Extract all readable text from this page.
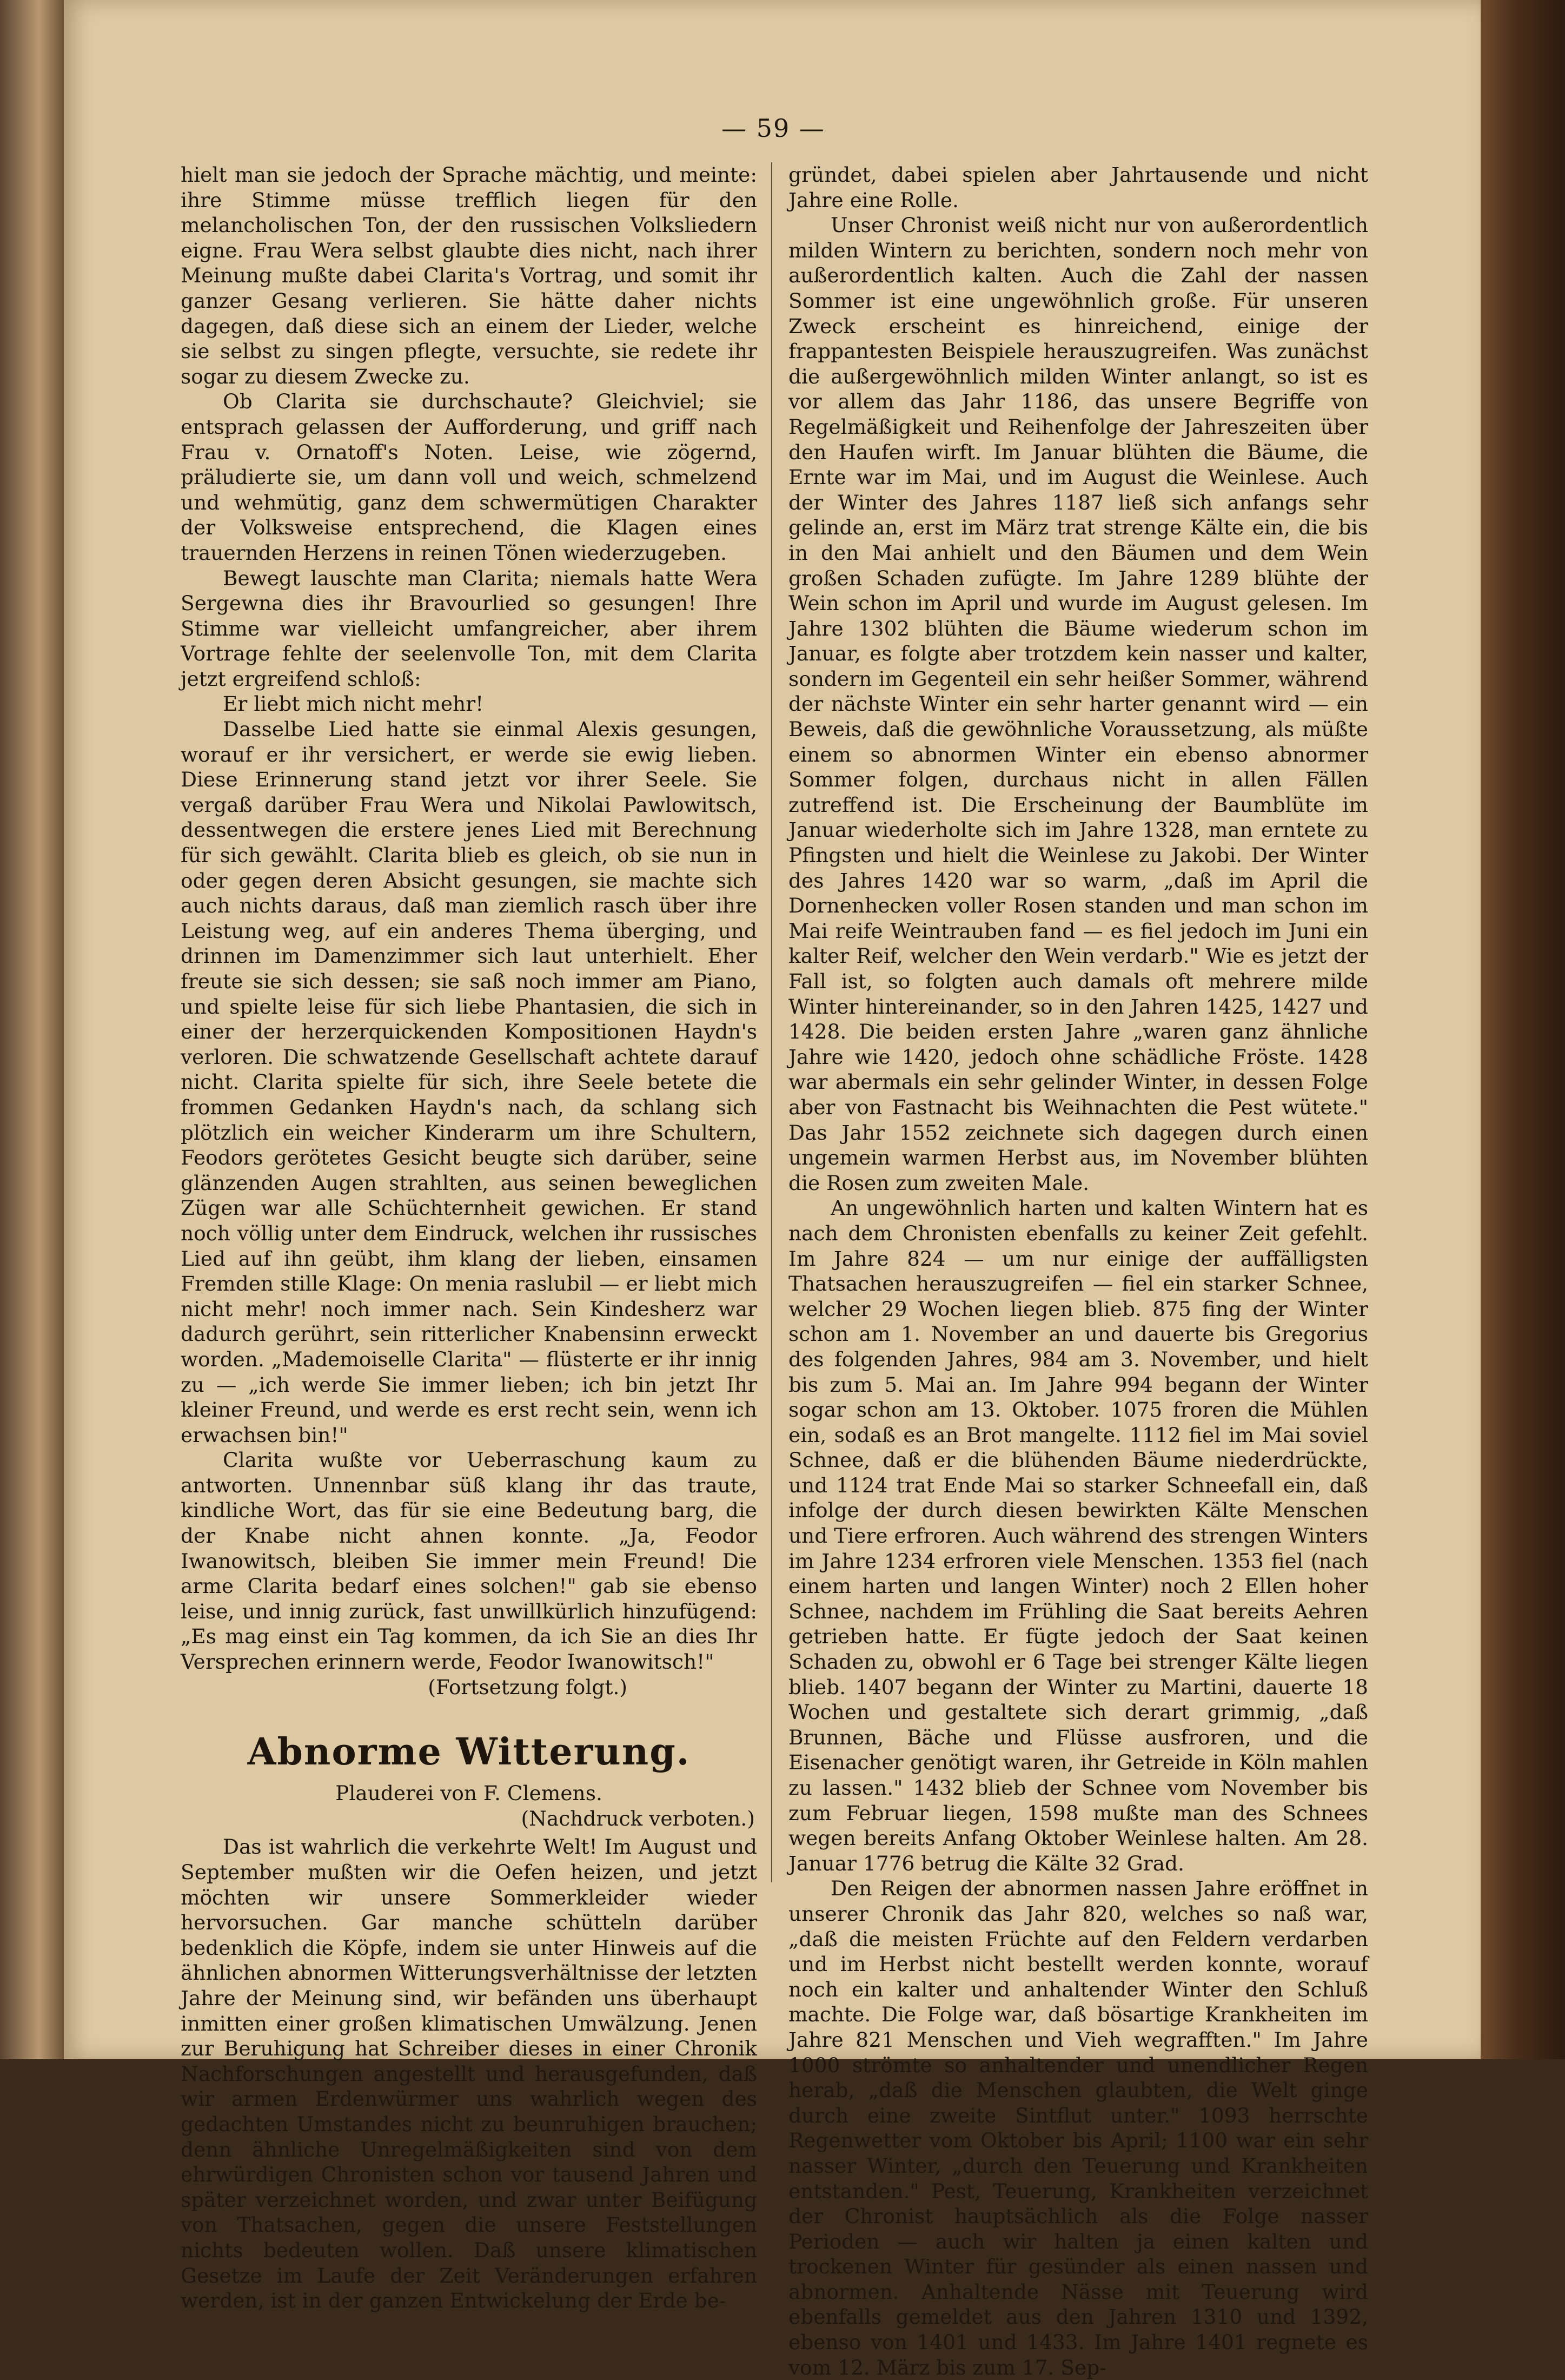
— 59 —

hielt man sie jedoch der Sprache mächtig, und meinte: ihre Stimme müsse trefflich liegen für den melancholischen Ton, der den russischen Volksliedern eigne. Frau Wera selbst glaubte dies nicht, nach ihrer Meinung mußte dabei Clarita's Vortrag, und somit ihr ganzer Gesang verlieren. Sie hätte daher nichts dagegen, daß diese sich an einem der Lieder, welche sie selbst zu singen pflegte, versuchte, sie redete ihr sogar zu diesem Zwecke zu.

Ob Clarita sie durchschaute? Gleichviel; sie entsprach gelassen der Aufforderung, und griff nach Frau v. Ornatoff's Noten. Leise, wie zögernd, präludierte sie, um dann voll und weich, schmelzend und wehmütig, ganz dem schwermütigen Charakter der Volksweise entsprechend, die Klagen eines trauernden Herzens in reinen Tönen wiederzugeben.

Bewegt lauschte man Clarita; niemals hatte Wera Sergewna dies ihr Bravourlied so gesungen! Ihre Stimme war vielleicht umfangreicher, aber ihrem Vortrage fehlte der seelenvolle Ton, mit dem Clarita jetzt ergreifend schloß:

Er liebt mich nicht mehr!

Dasselbe Lied hatte sie einmal Alexis gesungen, worauf er ihr versichert, er werde sie ewig lieben. Diese Erinnerung stand jetzt vor ihrer Seele. Sie vergaß darüber Frau Wera und Nikolai Pawlowitsch, dessentwegen die erstere jenes Lied mit Berechnung für sich gewählt. Clarita blieb es gleich, ob sie nun in oder gegen deren Absicht gesungen, sie machte sich auch nichts daraus, daß man ziemlich rasch über ihre Leistung weg, auf ein anderes Thema überging, und drinnen im Damenzimmer sich laut unterhielt. Eher freute sie sich dessen; sie saß noch immer am Piano, und spielte leise für sich liebe Phantasien, die sich in einer der herzerquickenden Kompositionen Haydn's verloren. Die schwatzende Gesellschaft achtete darauf nicht. Clarita spielte für sich, ihre Seele betete die frommen Gedanken Haydn's nach, da schlang sich plötzlich ein weicher Kinderarm um ihre Schultern, Feodors gerötetes Gesicht beugte sich darüber, seine glänzenden Augen strahlten, aus seinen beweglichen Zügen war alle Schüchternheit gewichen. Er stand noch völlig unter dem Eindruck, welchen ihr russisches Lied auf ihn geübt, ihm klang der lieben, einsamen Fremden stille Klage: On menia raslubil — er liebt mich nicht mehr! noch immer nach. Sein Kindesherz war dadurch gerührt, sein ritterlicher Knabensinn erweckt worden. „Mademoiselle Clarita" — flüsterte er ihr innig zu — „ich werde Sie immer lieben; ich bin jetzt Ihr kleiner Freund, und werde es erst recht sein, wenn ich erwachsen bin!"

Clarita wußte vor Ueberraschung kaum zu antworten. Unnennbar süß klang ihr das traute, kindliche Wort, das für sie eine Bedeutung barg, die der Knabe nicht ahnen konnte. „Ja, Feodor Iwanowitsch, bleiben Sie immer mein Freund! Die arme Clarita bedarf eines solchen!" gab sie ebenso leise, und innig zurück, fast unwillkürlich hinzufügend: „Es mag einst ein Tag kommen, da ich Sie an dies Ihr Versprechen erinnern werde, Feodor Iwanowitsch!"

(Fortsetzung folgt.)

Abnorme Witterung.

Plauderei von F. Clemens.

(Nachdruck verboten.)

Das ist wahrlich die verkehrte Welt! Im August und September mußten wir die Oefen heizen, und jetzt möchten wir unsere Sommerkleider wieder hervorsuchen. Gar manche schütteln darüber bedenklich die Köpfe, indem sie unter Hinweis auf die ähnlichen abnormen Witterungsverhältnisse der letzten Jahre der Meinung sind, wir befänden uns überhaupt inmitten einer großen klimatischen Umwälzung. Jenen zur Beruhigung hat Schreiber dieses in einer Chronik Nachforschungen angestellt und herausgefunden, daß wir armen Erdenwürmer uns wahrlich wegen des gedachten Umstandes nicht zu beunruhigen brauchen; denn ähnliche Unregelmäßigkeiten sind von dem ehrwürdigen Chronisten schon vor tausend Jahren und später verzeichnet worden, und zwar unter Beifügung von Thatsachen, gegen die unsere Feststellungen nichts bedeuten wollen. Daß unsere klimatischen Gesetze im Laufe der Zeit Veränderungen erfahren werden, ist in der ganzen Entwickelung der Erde be-

gründet, dabei spielen aber Jahrtausende und nicht Jahre eine Rolle.

Unser Chronist weiß nicht nur von außerordentlich milden Wintern zu berichten, sondern noch mehr von außerordentlich kalten. Auch die Zahl der nassen Sommer ist eine ungewöhnlich große. Für unseren Zweck erscheint es hinreichend, einige der frappantesten Beispiele herauszugreifen. Was zunächst die außergewöhnlich milden Winter anlangt, so ist es vor allem das Jahr 1186, das unsere Begriffe von Regelmäßigkeit und Reihenfolge der Jahreszeiten über den Haufen wirft. Im Januar blühten die Bäume, die Ernte war im Mai, und im August die Weinlese. Auch der Winter des Jahres 1187 ließ sich anfangs sehr gelinde an, erst im März trat strenge Kälte ein, die bis in den Mai anhielt und den Bäumen und dem Wein großen Schaden zufügte. Im Jahre 1289 blühte der Wein schon im April und wurde im August gelesen. Im Jahre 1302 blühten die Bäume wiederum schon im Januar, es folgte aber trotzdem kein nasser und kalter, sondern im Gegenteil ein sehr heißer Sommer, während der nächste Winter ein sehr harter genannt wird — ein Beweis, daß die gewöhnliche Voraussetzung, als müßte einem so abnormen Winter ein ebenso abnormer Sommer folgen, durchaus nicht in allen Fällen zutreffend ist. Die Erscheinung der Baumblüte im Januar wiederholte sich im Jahre 1328, man erntete zu Pfingsten und hielt die Weinlese zu Jakobi. Der Winter des Jahres 1420 war so warm, „daß im April die Dornenhecken voller Rosen standen und man schon im Mai reife Weintrauben fand — es fiel jedoch im Juni ein kalter Reif, welcher den Wein verdarb." Wie es jetzt der Fall ist, so folgten auch damals oft mehrere milde Winter hintereinander, so in den Jahren 1425, 1427 und 1428. Die beiden ersten Jahre „waren ganz ähnliche Jahre wie 1420, jedoch ohne schädliche Fröste. 1428 war abermals ein sehr gelinder Winter, in dessen Folge aber von Fastnacht bis Weihnachten die Pest wütete." Das Jahr 1552 zeichnete sich dagegen durch einen ungemein warmen Herbst aus, im November blühten die Rosen zum zweiten Male.

An ungewöhnlich harten und kalten Wintern hat es nach dem Chronisten ebenfalls zu keiner Zeit gefehlt. Im Jahre 824 — um nur einige der auffälligsten Thatsachen herauszugreifen — fiel ein starker Schnee, welcher 29 Wochen liegen blieb. 875 fing der Winter schon am 1. November an und dauerte bis Gregorius des folgenden Jahres, 984 am 3. November, und hielt bis zum 5. Mai an. Im Jahre 994 begann der Winter sogar schon am 13. Oktober. 1075 froren die Mühlen ein, sodaß es an Brot mangelte. 1112 fiel im Mai soviel Schnee, daß er die blühenden Bäume niederdrückte, und 1124 trat Ende Mai so starker Schneefall ein, daß infolge der durch diesen bewirkten Kälte Menschen und Tiere erfroren. Auch während des strengen Winters im Jahre 1234 erfroren viele Menschen. 1353 fiel (nach einem harten und langen Winter) noch 2 Ellen hoher Schnee, nachdem im Frühling die Saat bereits Aehren getrieben hatte. Er fügte jedoch der Saat keinen Schaden zu, obwohl er 6 Tage bei strenger Kälte liegen blieb. 1407 begann der Winter zu Martini, dauerte 18 Wochen und gestaltete sich derart grimmig, „daß Brunnen, Bäche und Flüsse ausfroren, und die Eisenacher genötigt waren, ihr Getreide in Köln mahlen zu lassen." 1432 blieb der Schnee vom November bis zum Februar liegen, 1598 mußte man des Schnees wegen bereits Anfang Oktober Weinlese halten. Am 28. Januar 1776 betrug die Kälte 32 Grad.

Den Reigen der abnormen nassen Jahre eröffnet in unserer Chronik das Jahr 820, welches so naß war, „daß die meisten Früchte auf den Feldern verdarben und im Herbst nicht bestellt werden konnte, worauf noch ein kalter und anhaltender Winter den Schluß machte. Die Folge war, daß bösartige Krankheiten im Jahre 821 Menschen und Vieh wegrafften." Im Jahre 1000 strömte so anhaltender und unendlicher Regen herab, „daß die Menschen glaubten, die Welt ginge durch eine zweite Sintflut unter." 1093 herrschte Regenwetter vom Oktober bis April; 1100 war ein sehr nasser Winter, „durch den Teuerung und Krankheiten entstanden." Pest, Teuerung, Krankheiten verzeichnet der Chronist hauptsächlich als die Folge nasser Perioden — auch wir halten ja einen kalten und trockenen Winter für gesünder als einen nassen und abnormen. Anhaltende Nässe mit Teuerung wird ebenfalls gemeldet aus den Jahren 1310 und 1392, ebenso von 1401 und 1433. Im Jahre 1401 regnete es vom 12. März bis zum 17. Sep-
